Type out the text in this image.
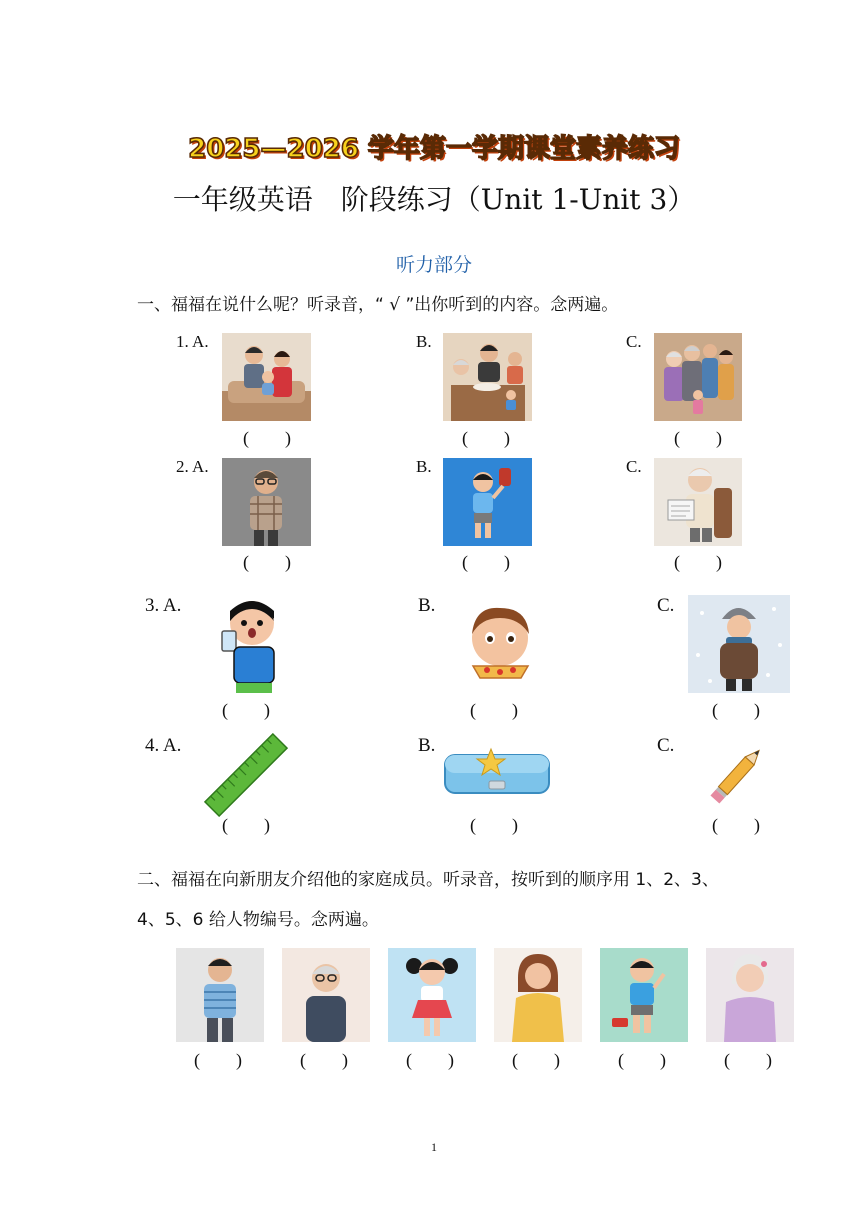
2025—2026 学年第一学期课堂素养练习
一年级英语　阶段练习（Unit 1-Unit 3）
听力部分
一、福福在说什么呢？听录音，“ √ ”出你听到的内容。念两遍。
1. A.
(　　)
B.
(　　)
C.
(　　)
2. A.
(　　)
B.
(　　)
C.
(　　)
3. A.
(　　)
B.
(　　)
C.
(　　)
4. A.
(　　)
B.
(　　)
C.
(　　)
二、福福在向新朋友介绍他的家庭成员。听录音，按听到的顺序用 1、2、3、
4、5、6 给人物编号。念两遍。
(　　)	(　　)	(　　)	(　　)	(　　)	(　　)
1
